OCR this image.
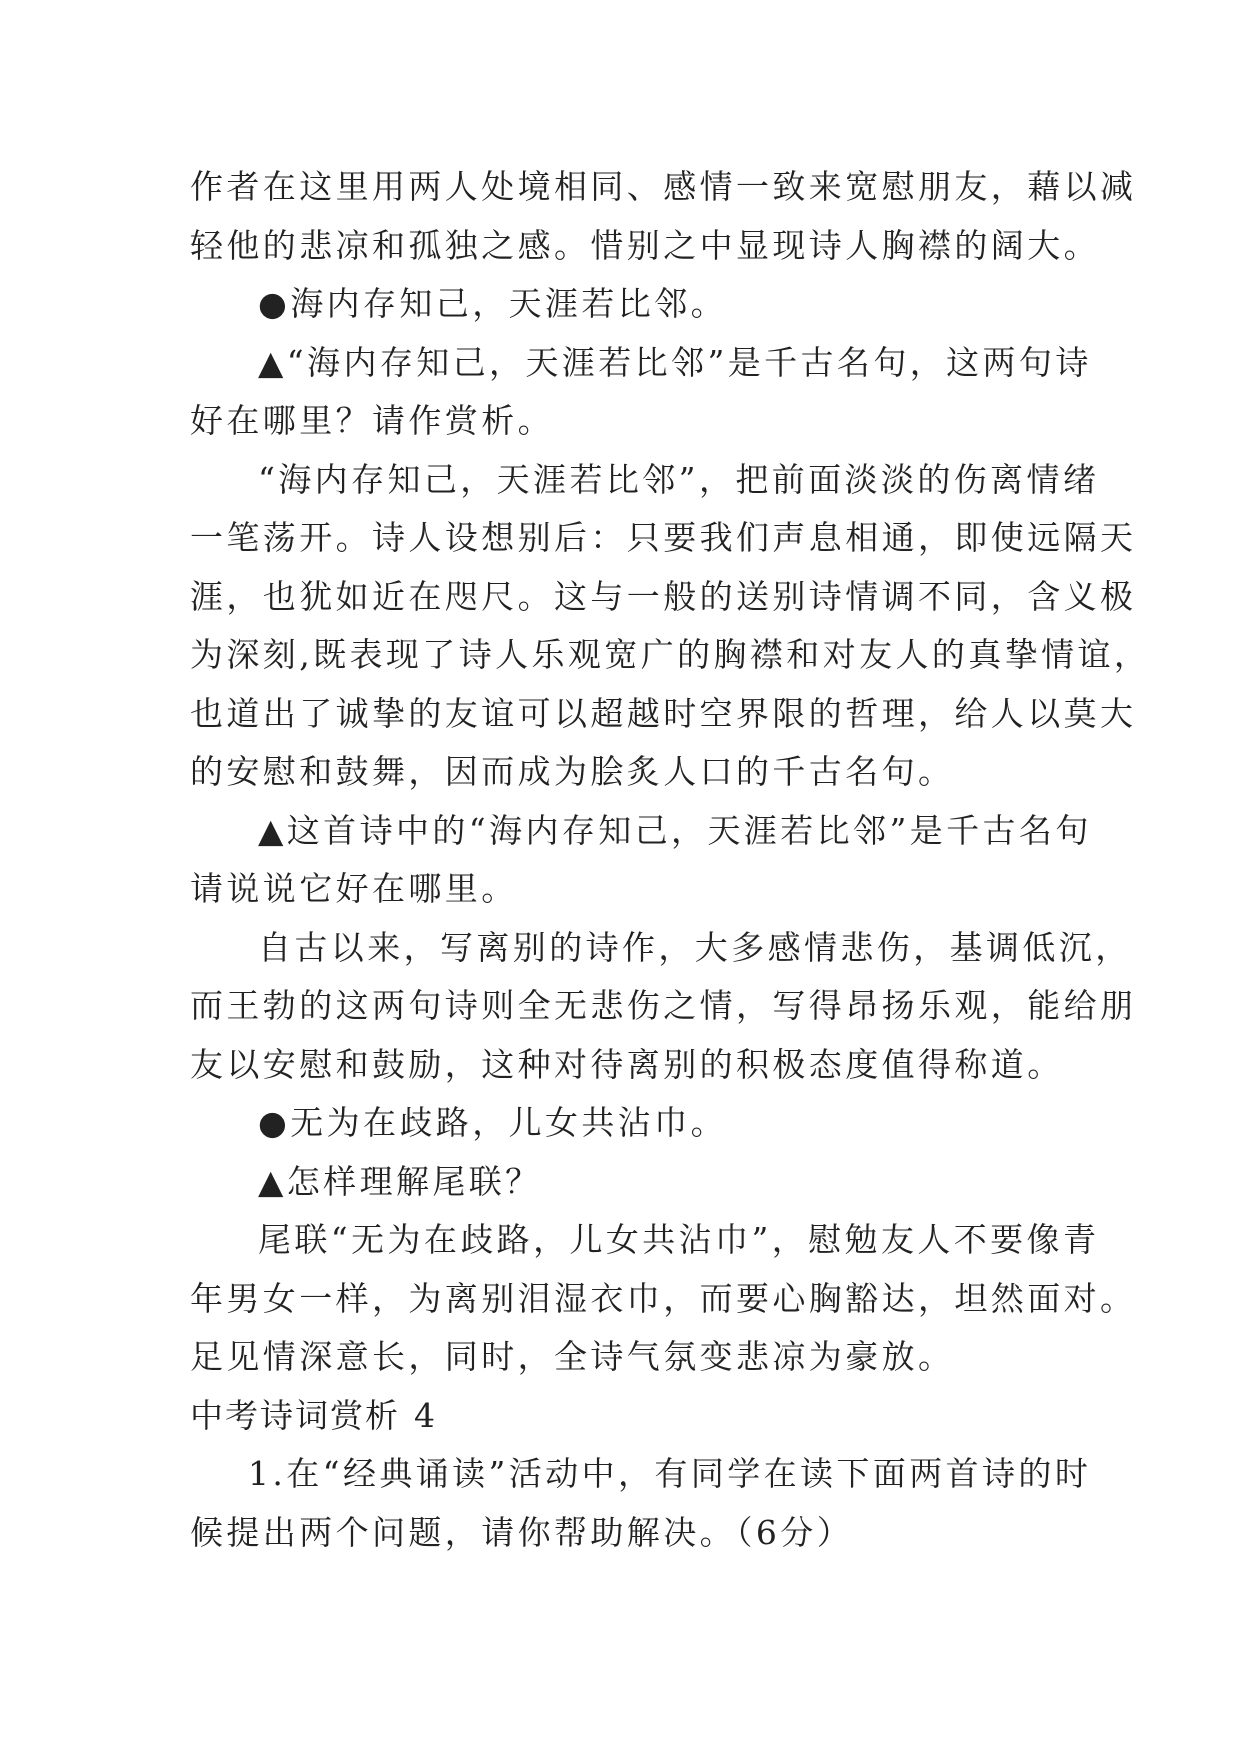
作者在这里用两人处境相同、感情一致来宽慰朋友，藉以减
轻他的悲凉和孤独之感。惜别之中显现诗人胸襟的阔大。
●海内存知己，天涯若比邻。
▲“海内存知己，天涯若比邻”是千古名句，这两句诗
好在哪里？请作赏析。
“海内存知己，天涯若比邻”，把前面淡淡的伤离情绪
一笔荡开。诗人设想别后：只要我们声息相通，即使远隔天
涯，也犹如近在咫尺。这与一般的送别诗情调不同，含义极
为深刻,既表现了诗人乐观宽广的胸襟和对友人的真挚情谊，
也道出了诚挚的友谊可以超越时空界限的哲理，给人以莫大
的安慰和鼓舞，因而成为脍炙人口的千古名句。
▲这首诗中的“海内存知己，天涯若比邻”是千古名句
请说说它好在哪里。
自古以来，写离别的诗作，大多感情悲伤，基调低沉，
而王勃的这两句诗则全无悲伤之情，写得昂扬乐观，能给朋
友以安慰和鼓励，这种对待离别的积极态度值得称道。
●无为在歧路，儿女共沾巾。
▲怎样理解尾联？
尾联“无为在歧路，儿女共沾巾”，慰勉友人不要像青
年男女一样，为离别泪湿衣巾，而要心胸豁达，坦然面对。
足见情深意长，同时，全诗气氛变悲凉为豪放。
中考诗词赏析 4
1.在“经典诵读”活动中，有同学在读下面两首诗的时
候提出两个问题，请你帮助解决。（6分）
